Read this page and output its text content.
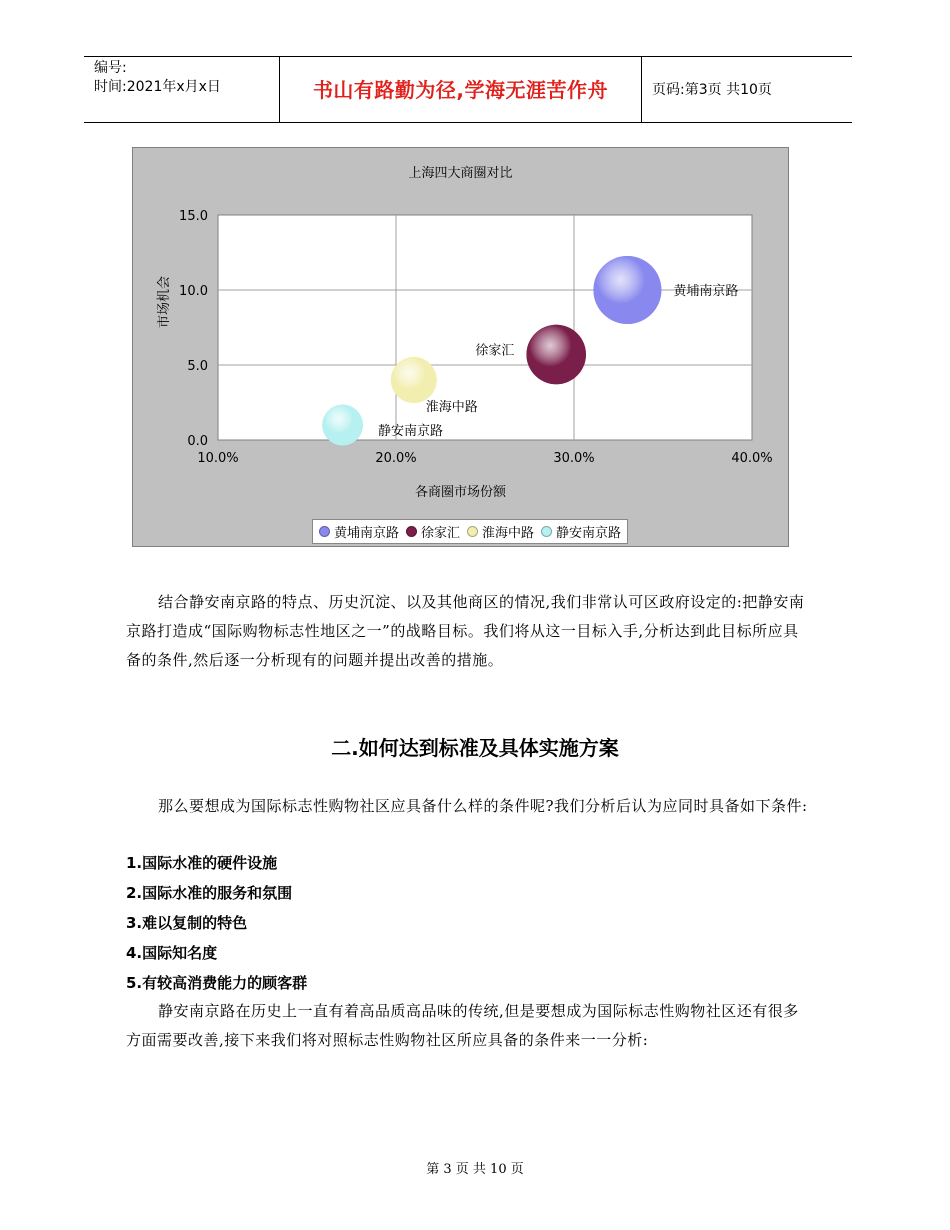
编号:
时间:2021年x月x日	书山有路勤为径,学海无涯苦作舟	页码:第3页 共10页
10.0%	20.0%	30.0%	40.0%
0.0
5.0
10.0
15.0
黄埔南京路
徐家汇
淮海中路
静安南京路
上海四大商圈对比
市场机会
各商圈市场份额
黄埔南京路 徐家汇 淮海中路 静安南京路

结合静安南京路的特点、历史沉淀、以及其他商区的情况,我们非常认可区政府设定的:把静安南京路打造成“国际购物标志性地区之一”的战略目标。我们将从这一目标入手,分析达到此目标所应具备的条件,然后逐一分析现有的问题并提出改善的措施。

二.如何达到标准及具体实施方案

那么要想成为国际标志性购物社区应具备什么样的条件呢?我们分析后认为应同时具备如下条件:

1.国际水准的硬件设施
2.国际水准的服务和氛围
3.难以复制的特色
4.国际知名度
5.有较高消费能力的顾客群

静安南京路在历史上一直有着高品质高品味的传统,但是要想成为国际标志性购物社区还有很多方面需要改善,接下来我们将对照标志性购物社区所应具备的条件来一一分析:

第 3 页 共 10 页
